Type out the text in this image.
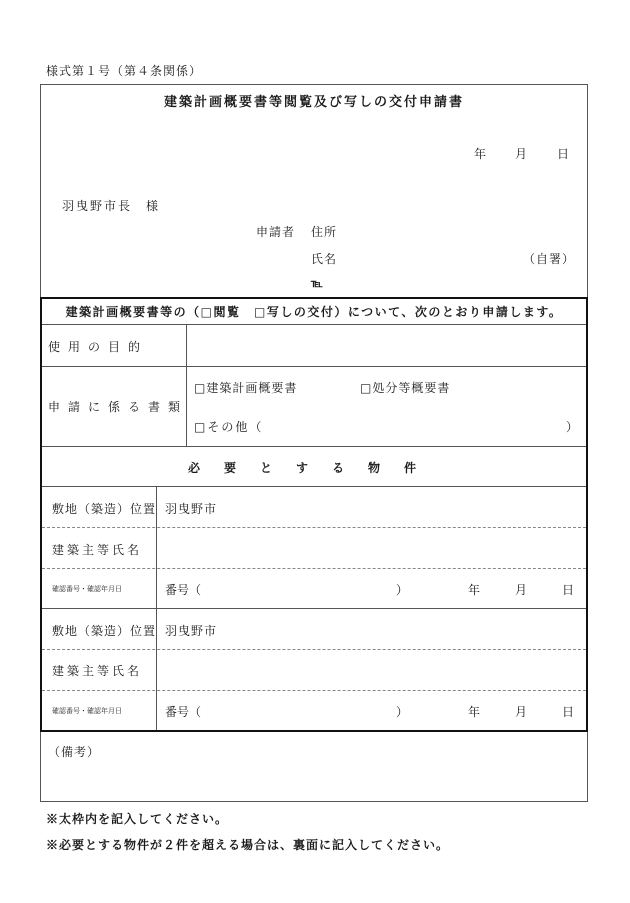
様式第１号（第４条関係）
建築計画概要書等閲覧及び写しの交付申請書
年 月 日
羽曳野市長　様
申請者 住所
氏名	（自署）
℡
建築計画概要書等の（□閲覧　 □写しの交付）について、次のとおり申請します。
使用の目的
申請に係る書類
□建築計画概要書	□処分等概要書
□その他（	）
必要とする物件
敷地（築造）位置 羽曳野市
建築主等氏名
確認番号・確認年月日	番号（	）	年	月	日
敷地（築造）位置 羽曳野市
建築主等氏名
確認番号・確認年月日	番号（	）	年	月	日
（備考）
※太枠内を記入してください。
※必要とする物件が２件を超える場合は、裏面に記入してください。
